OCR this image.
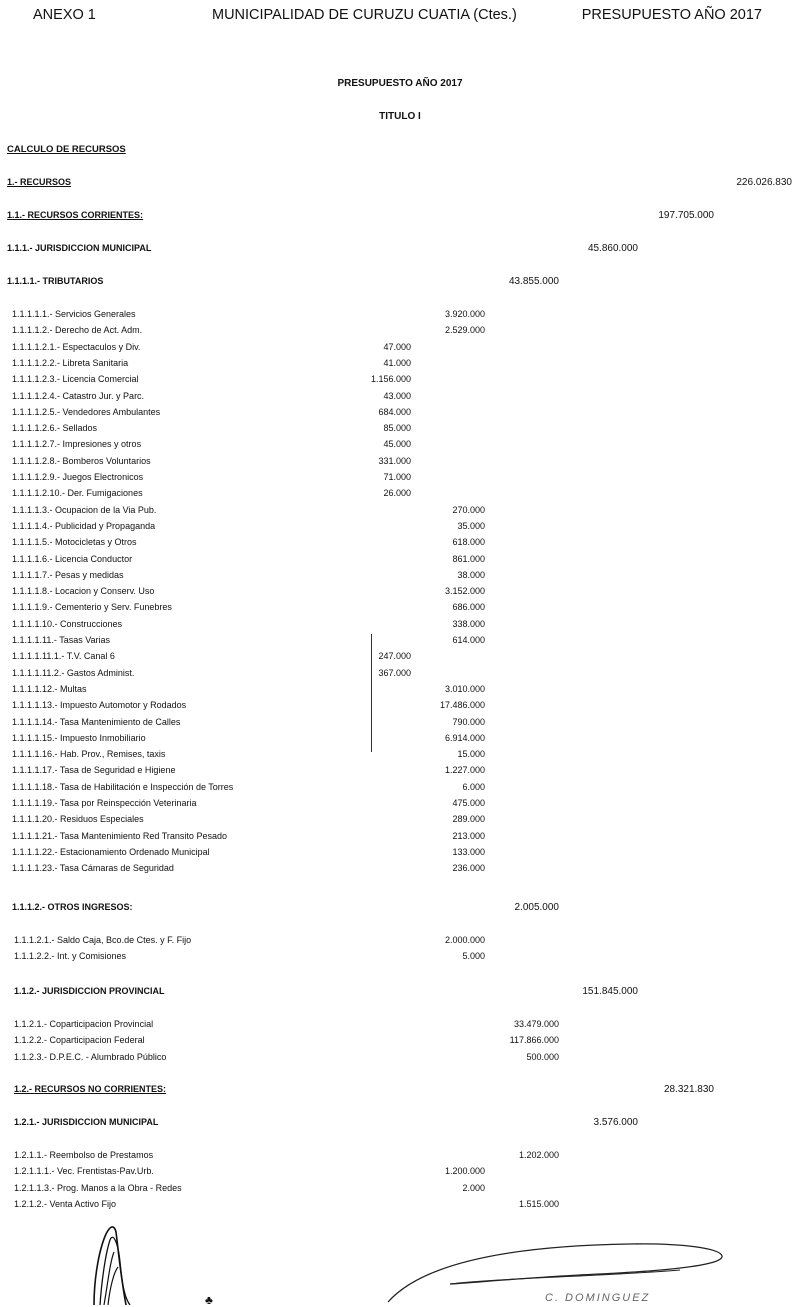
ANEXO 1	MUNICIPALIDAD DE CURUZU CUATIA (Ctes.)	PRESUPUESTO AÑO 2017
PRESUPUESTO AÑO 2017
TITULO I
CALCULO DE RECURSOS
1.- RECURSOS	226.026.830
1.1.- RECURSOS CORRIENTES:	197.705.000
1.1.1.- JURISDICCION MUNICIPAL	45.860.000
1.1.1.1.- TRIBUTARIOS	43.855.000
1.1.1.1.1.- Servicios Generales	3.920.000
1.1.1.1.2.- Derecho de Act. Adm.	2.529.000
1.1.1.1.2.1.- Espectaculos y Div.	47.000
1.1.1.1.2.2.- Libreta Sanitaria	41.000
1.1.1.1.2.3.- Licencia Comercial	1.156.000
1.1.1.1.2.4.- Catastro Jur. y Parc.	43.000
1.1.1.1.2.5.- Vendedores Ambulantes	684.000
1.1.1.1.2.6.- Sellados	85.000
1.1.1.1.2.7.- Impresiones y otros	45.000
1.1.1.1.2.8.- Bomberos Voluntarios	331.000
1.1.1.1.2.9.- Juegos Electronicos	71.000
1.1.1.1.2.10.- Der. Fumigaciones	26.000
1.1.1.1.3.- Ocupacion de la Via Pub.	270.000
1.1.1.1.4.- Publicidad y Propaganda	35.000
1.1.1.1.5.- Motocicletas y Otros	618.000
1.1.1.1.6.- Licencia Conductor	861.000
1.1.1.1.7.- Pesas y medidas	38.000
1.1.1.1.8.- Locacion y Conserv. Uso	3.152.000
1.1.1.1.9.- Cementerio y Serv. Funebres	686.000
1.1.1.1.10.- Construcciones	338.000
1.1.1.1.11.- Tasas Varias	614.000
1.1.1.1.11.1.- T.V. Canal 6	247.000
1.1.1.1.11.2.- Gastos Administ.	367.000
1.1.1.1.12.- Multas	3.010.000
1.1.1.1.13.- Impuesto Automotor y Rodados	17.486.000
1.1.1.1.14.- Tasa Mantenimiento de Calles	790.000
1.1.1.1.15.- Impuesto Inmobiliario	6.914.000
1.1.1.1.16.- Hab. Prov., Remises, taxis	15.000
1.1.1.1.17.- Tasa de Seguridad e Higiene	1.227.000
1.1.1.1.18.- Tasa de Habilitación e Inspección de Torres	6.000
1.1.1.1.19.- Tasa por Reinspección Veterinaria	475.000
1.1.1.1.20.- Residuos Especiales	289.000
1.1.1.1.21.- Tasa Mantenimiento Red Transito Pesado	213.000
1.1.1.1.22.- Estacionamiento Ordenado Municipal	133.000
1.1.1.1.23.- Tasa Cámaras de Seguridad	236.000
1.1.1.2.- OTROS INGRESOS:	2.005.000
1.1.1.2.1.- Saldo Caja, Bco.de Ctes. y F. Fijo	2.000.000
1.1.1.2.2.- Int. y Comisiones	5.000
1.1.2.- JURISDICCION PROVINCIAL	151.845.000
1.1.2.1.- Coparticipacion Provincial	33.479.000
1.1.2.2.- Coparticipacion Federal	117.866.000
1.1.2.3.- D.P.E.C. - Alumbrado Público	500.000
1.2.- RECURSOS NO CORRIENTES:	28.321.830
1.2.1.- JURISDICCION MUNICIPAL	3.576.000
1.2.1.1.- Reembolso de Prestamos	1.202.000
1.2.1.1.1.- Vec. Frentistas-Pav.Urb.	1.200.000
1.2.1.1.3.- Prog. Manos a la Obra - Redes	2.000
1.2.1.2.- Venta Activo Fijo	1.515.000
C. DOMINGUEZ
♣
